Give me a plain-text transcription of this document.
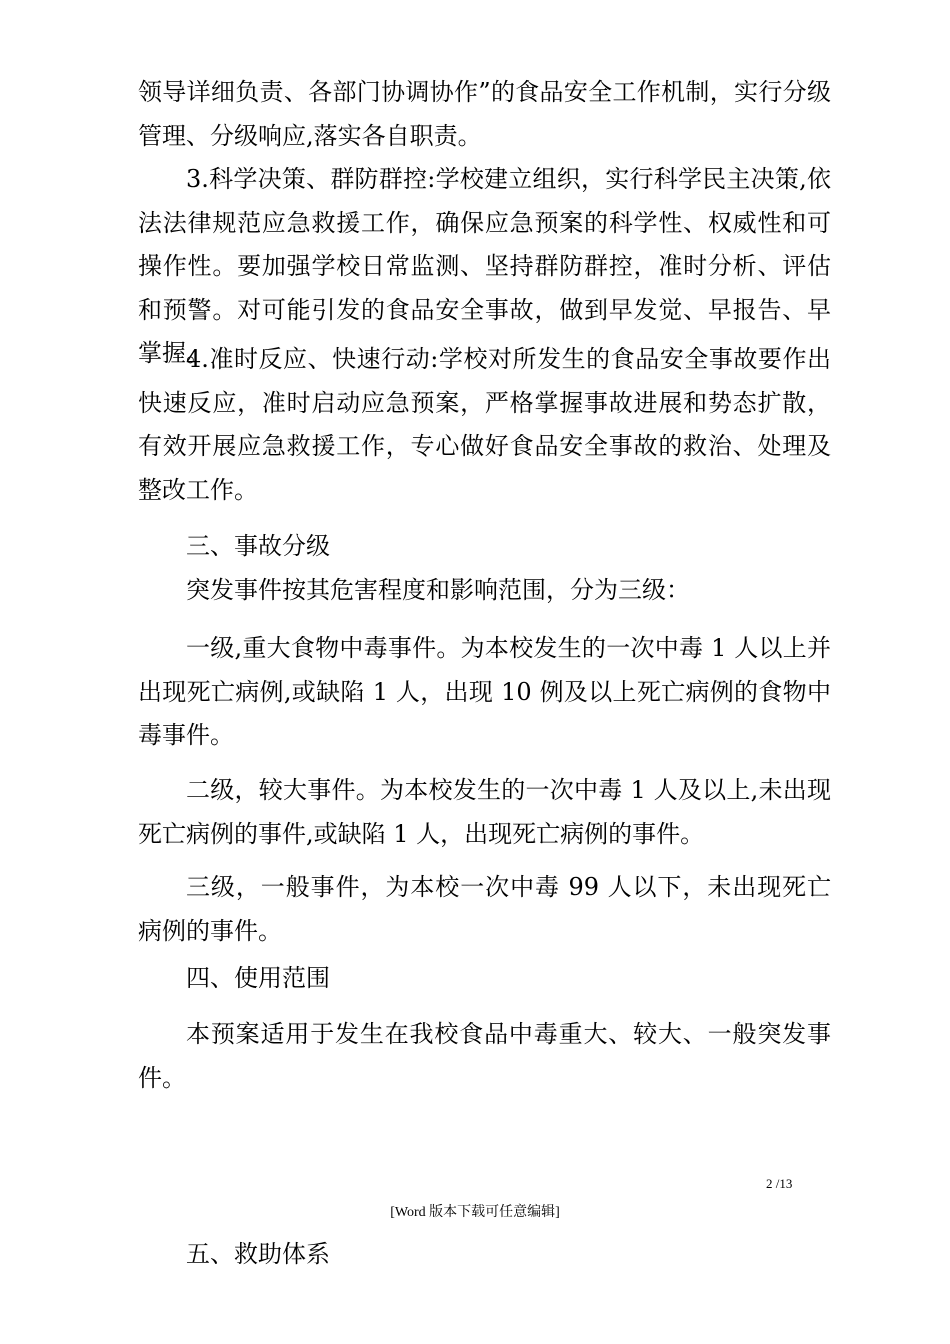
领导详细负责、各部门协调协作”的食品安全工作机制，实行分级管理、分级响应,落实各自职责。

3.科学决策、群防群控:学校建立组织，实行科学民主决策,依法法律规范应急救援工作，确保应急预案的科学性、权威性和可操作性。要加强学校日常监测、坚持群防群控，准时分析、评估和预警。对可能引发的食品安全事故，做到早发觉、早报告、早掌握。

4.准时反应、快速行动:学校对所发生的食品安全事故要作出快速反应，准时启动应急预案，严格掌握事故进展和势态扩散，有效开展应急救援工作，专心做好食品安全事故的救治、处理及整改工作。

三、事故分级

突发事件按其危害程度和影响范围，分为三级：

一级,重大食物中毒事件。为本校发生的一次中毒 1 人以上并出现死亡病例,或缺陷 1 人，出现 10 例及以上死亡病例的食物中毒事件。

二级，较大事件。为本校发生的一次中毒 1 人及以上,未出现死亡病例的事件,或缺陷 1 人，出现死亡病例的事件。

三级，一般事件，为本校一次中毒 99 人以下，未出现死亡病例的事件。

四、使用范围

本预案适用于发生在我校食品中毒重大、较大、一般突发事件。

2 /13
[Word 版本下载可任意编辑]

五、救助体系
